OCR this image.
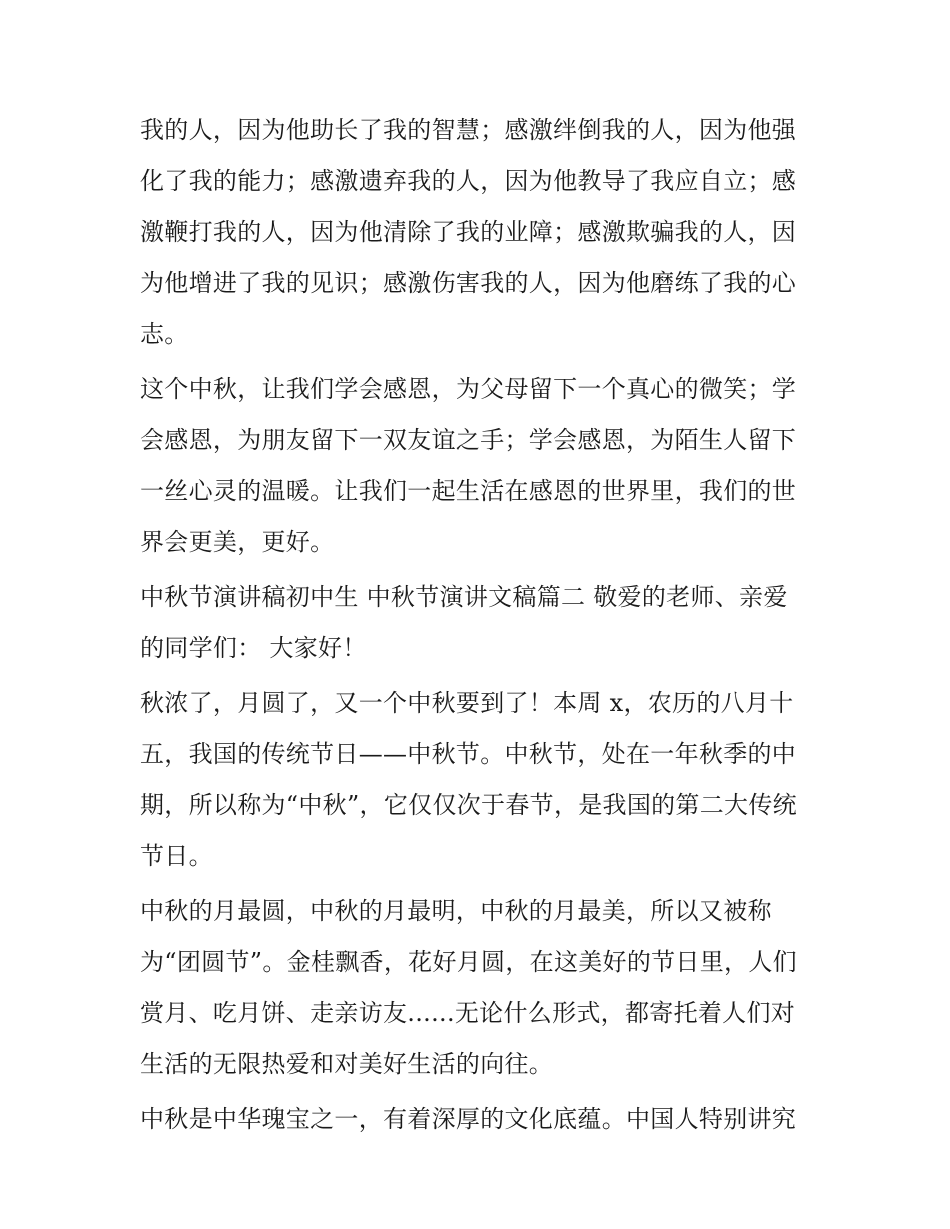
我的人，因为他助长了我的智慧；感激绊倒我的人，因为他强
化了我的能力；感激遗弃我的人，因为他教导了我应自立；感
激鞭打我的人，因为他清除了我的业障；感激欺骗我的人，因
为他增进了我的见识；感激伤害我的人，因为他磨练了我的心
志。

这个中秋，让我们学会感恩，为父母留下一个真心的微笑；学
会感恩，为朋友留下一双友谊之手；学会感恩，为陌生人留下
一丝心灵的温暖。让我们一起生活在感恩的世界里，我们的世
界会更美，更好。

中秋节演讲稿初中生 中秋节演讲文稿篇二 敬爱的老师、亲爱
的同学们： 大家好！

秋浓了，月圆了，又一个中秋要到了！本周 x，农历的八月十
五，我国的传统节日——中秋节。中秋节，处在一年秋季的中
期，所以称为“中秋”，它仅仅次于春节，是我国的第二大传统
节日。

中秋的月最圆，中秋的月最明，中秋的月最美，所以又被称
为“团圆节”。金桂飘香，花好月圆，在这美好的节日里，人们
赏月、吃月饼、走亲访友......无论什么形式，都寄托着人们对
生活的无限热爱和对美好生活的向往。

中秋是中华瑰宝之一，有着深厚的文化底蕴。中国人特别讲究
